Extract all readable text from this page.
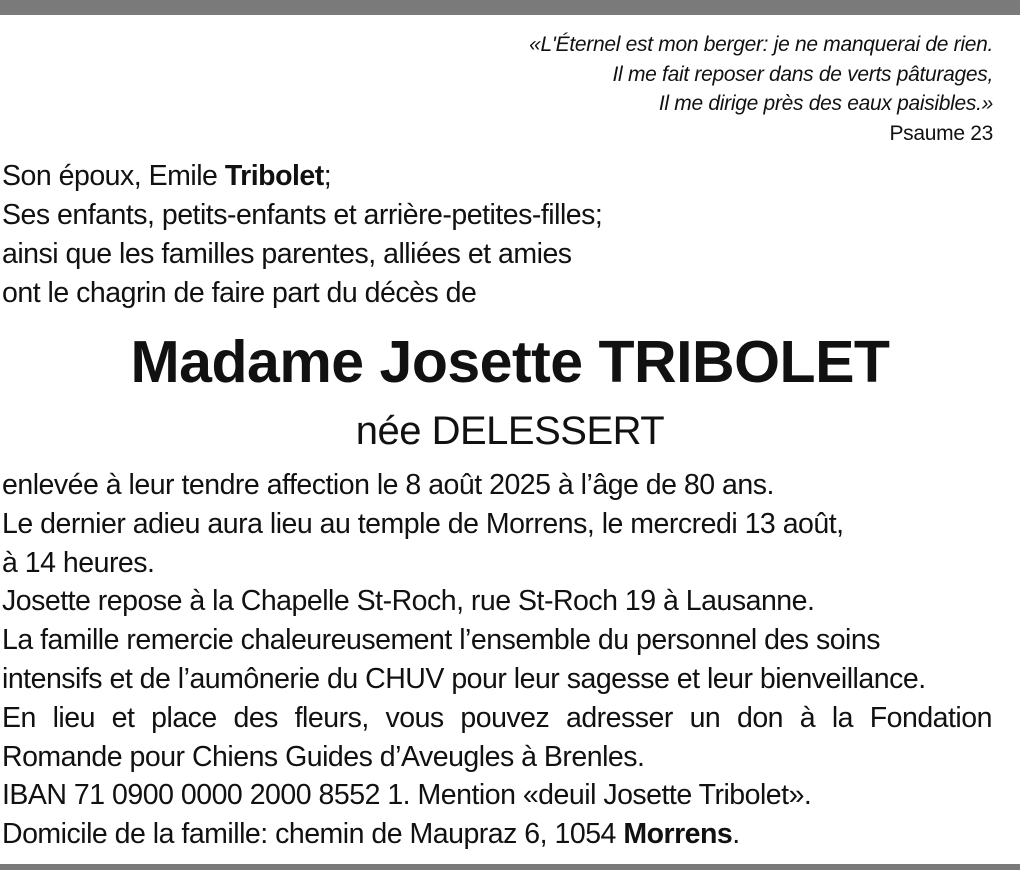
«L'Éternel est mon berger: je ne manquerai de rien.
Il me fait reposer dans de verts pâturages,
Il me dirige près des eaux paisibles.»
Psaume 23
Son époux, Emile Tribolet;
Ses enfants, petits-enfants et arrière-petites-filles;
ainsi que les familles parentes, alliées et amies
ont le chagrin de faire part du décès de
Madame Josette TRIBOLET
née DELESSERT
enlevée à leur tendre affection le 8 août 2025 à l’âge de 80 ans.
Le dernier adieu aura lieu au temple de Morrens, le mercredi 13 août,
à 14 heures.
Josette repose à la Chapelle St-Roch, rue St-Roch 19 à Lausanne.
La famille remercie chaleureusement l’ensemble du personnel des soins
intensifs et de l’aumônerie du CHUV pour leur sagesse et leur bienveillance.
En lieu et place des fleurs, vous pouvez adresser un don à la Fondation
Romande pour Chiens Guides d’Aveugles à Brenles.
IBAN 71 0900 0000 2000 8552 1. Mention «deuil Josette Tribolet».
Domicile de la famille: chemin de Maupraz 6, 1054 Morrens.
